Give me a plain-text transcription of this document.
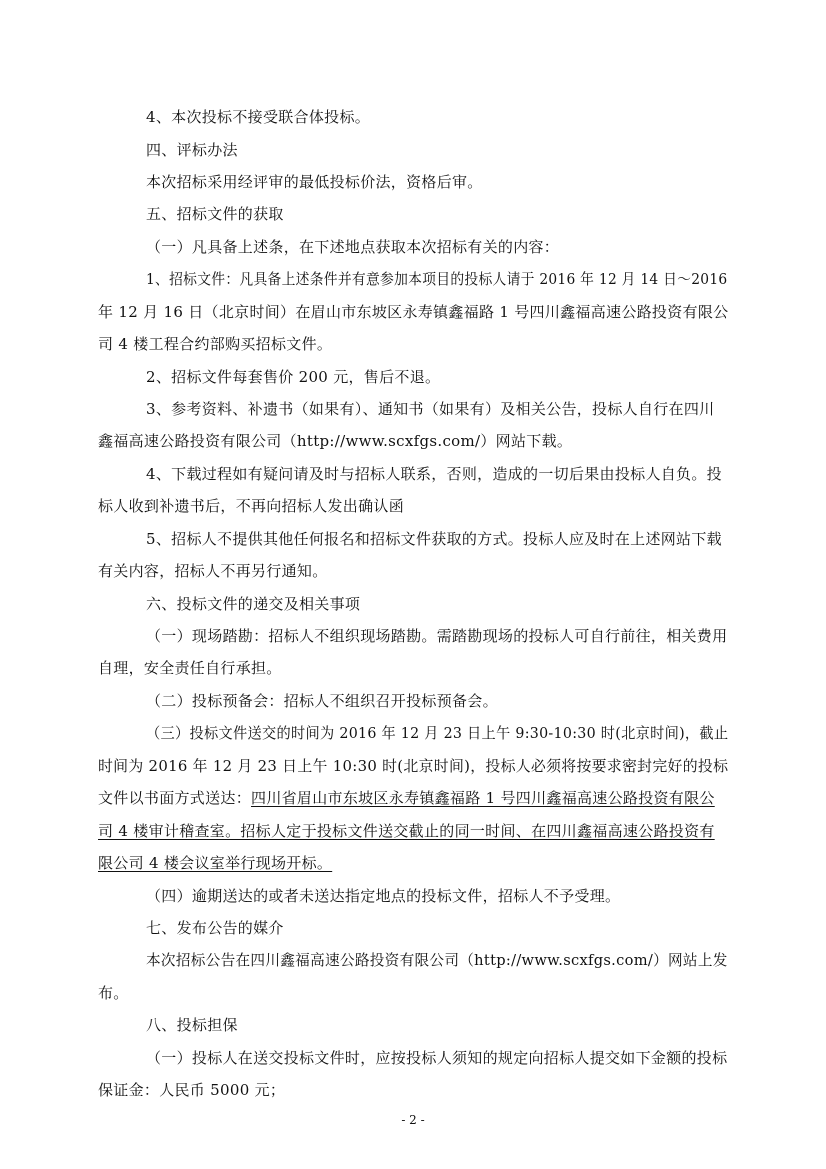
4、本次投标不接受联合体投标。
四、评标办法
本次招标采用经评审的最低投标价法，资格后审。
五、招标文件的获取
（一）凡具备上述条，在下述地点获取本次招标有关的内容：
1、招标文件：凡具备上述条件并有意参加本项目的投标人请于 2016 年 12 月 14 日～2016
年 12 月 16 日（北京时间）在眉山市东坡区永寿镇鑫福路 1 号四川鑫福高速公路投资有限公
司 4 楼工程合约部购买招标文件。
2、招标文件每套售价 200 元，售后不退。
3、参考资料、补遗书（如果有）、通知书（如果有）及相关公告，投标人自行在四川
鑫福高速公路投资有限公司（http://www.scxfgs.com/）网站下载。
4、下载过程如有疑问请及时与招标人联系，否则，造成的一切后果由投标人自负。投
标人收到补遗书后，不再向招标人发出确认函
5、招标人不提供其他任何报名和招标文件获取的方式。投标人应及时在上述网站下载
有关内容，招标人不再另行通知。
六、投标文件的递交及相关事项
（一）现场踏勘：招标人不组织现场踏勘。需踏勘现场的投标人可自行前往，相关费用
自理，安全责任自行承担。
（二）投标预备会：招标人不组织召开投标预备会。
（三）投标文件送交的时间为 2016 年 12 月 23 日上午 9:30-10:30 时(北京时间)，截止
时间为 2016 年 12 月 23 日上午 10:30 时(北京时间)，投标人必须将按要求密封完好的投标
文件以书面方式送达：四川省眉山市东坡区永寿镇鑫福路 1 号四川鑫福高速公路投资有限公
司 4 楼审计稽查室。招标人定于投标文件送交截止的同一时间、在四川鑫福高速公路投资有
限公司 4 楼会议室举行现场开标。
（四）逾期送达的或者未送达指定地点的投标文件，招标人不予受理。
七、发布公告的媒介
本次招标公告在四川鑫福高速公路投资有限公司（http://www.scxfgs.com/）网站上发
布。
八、投标担保
（一）投标人在送交投标文件时，应按投标人须知的规定向招标人提交如下金额的投标
保证金：人民币 5000 元；
- 2 -
